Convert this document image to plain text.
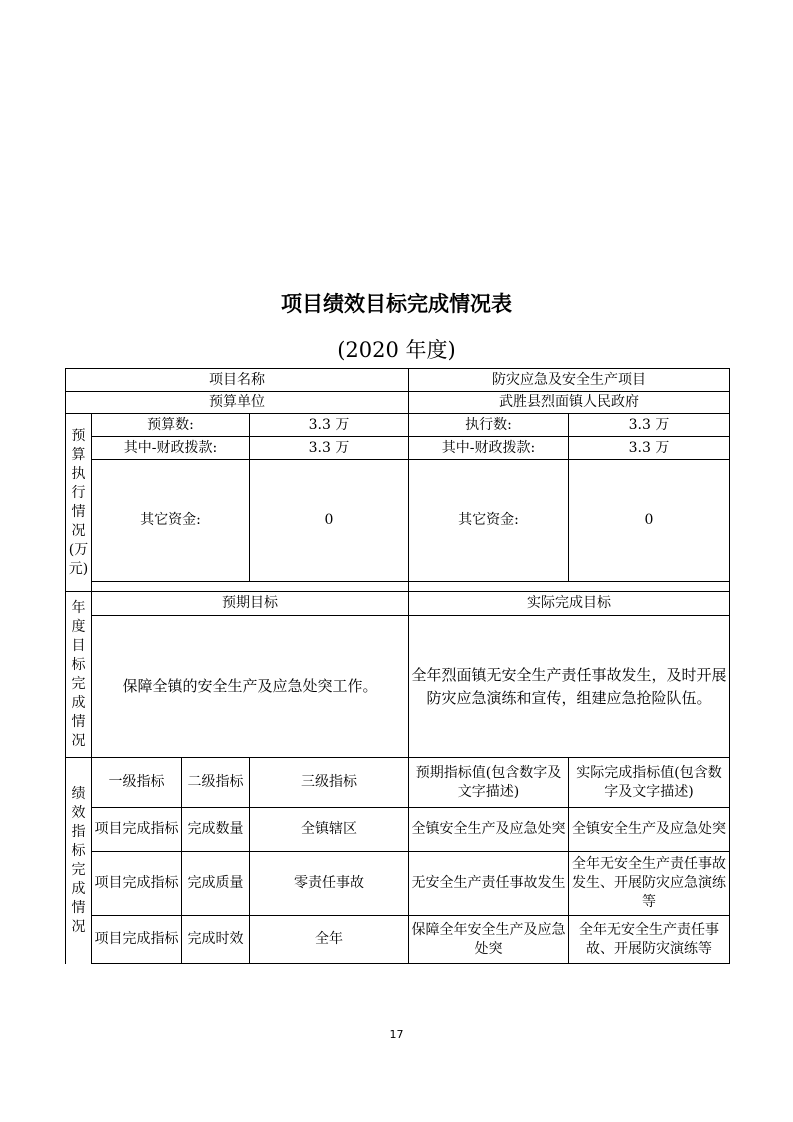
项目绩效目标完成情况表
(2020 年度)
项目名称				防灾应急及安全生产项目	
预算单位				武胜县烈面镇人民政府	
预算执行情况(万元)	预算数:		3.3 万	执行数:	3.3 万
	其中-财政拨款:		3.3 万	其中-财政拨款:	3.3 万
	其它资金:		0	其它资金:	0

年度目标完成情况	预期目标			实际完成目标	
	保障全镇的安全生产及应急处突工作。			全年烈面镇无安全生产责任事故发生，及时开展防灾应急演练和宣传，组建应急抢险队伍。	
绩效指标完成情况	一级指标	二级指标	三级指标	预期指标值(包含数字及文字描述)	实际完成指标值(包含数字及文字描述)
	项目完成指标	完成数量	全镇辖区	全镇安全生产及应急处突	全镇安全生产及应急处突
	项目完成指标	完成质量	零责任事故	无安全生产责任事故发生	全年无安全生产责任事故发生、开展防灾应急演练等
	项目完成指标	完成时效	全年	保障全年安全生产及应急处突	全年无安全生产责任事故、开展防灾演练等
17
